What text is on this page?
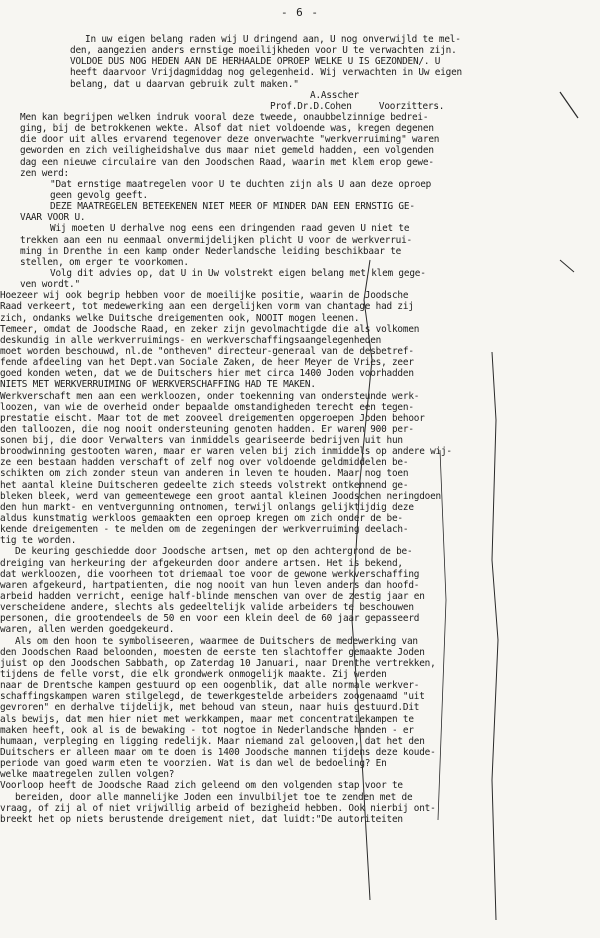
- 6 -
In uw eigen belang raden wij U dringend aan, U nog onverwijld te mel-
den, aangezien anders ernstige moeilijkheden voor U te verwachten zijn.
VOLDOE DUS NOG HEDEN AAN DE HERHAALDE OPROEP WELKE U IS GEZONDEN/. U
heeft daarvoor Vrijdagmiddag nog gelegenheid. Wij verwachten in Uw eigen
belang, dat u daarvan gebruik zult maken."
A.Asscher
Prof.Dr.D.Cohen     Voorzitters.
Men kan begrijpen welken indruk vooral deze tweede, onaubbelzinnige bedrei-
ging, bij de betrokkenen wekte. Alsof dat niet voldoende was, kregen degenen
die door uit alles ervarend tegenover deze onverwachte "werkverruiming" waren
geworden en zich veiligheidshalve dus maar niet gemeld hadden, een volgenden
dag een nieuwe circulaire van den Joodschen Raad, waarin met klem erop gewe-
zen werd:
"Dat ernstige maatregelen voor U te duchten zijn als U aan deze oproep
geen gevolg geeft.
DEZE MAATREGELEN BETEEKENEN NIET MEER OF MINDER DAN EEN ERNSTIG GE-
VAAR VOOR U.
Wij moeten U derhalve nog eens een dringenden raad geven U niet te
trekken aan een nu eenmaal onvermijdelijken plicht U voor de werkverrui-
ming in Drenthe in een kamp onder Nederlandsche leiding beschikbaar te
stellen, om erger te voorkomen.
Volg dit advies op, dat U in Uw volstrekt eigen belang met klem gege-
ven wordt."
Hoezeer wij ook begrip hebben voor de moeilijke positie, waarin de Joodsche
Raad verkeert, tot medewerking aan een dergelijken vorm van chantage had zij
zich, ondanks welke Duitsche dreigementen ook, NOOIT mogen leenen.
Temeer, omdat de Joodsche Raad, en zeker zijn gevolmachtigde die als volkomen
deskundig in alle werkverruimings- en werkverschaffingsaangelegenheden
moet worden beschouwd, nl.de "ontheven" directeur-generaal van de desbetref-
fende afdeeling van het Dept.van Sociale Zaken, de heer Meyer de Vries, zeer
goed konden weten, dat we de Duitschers hier met circa 1400 Joden voorhadden
NIETS MET WERKVERRUIMING OF WERKVERSCHAFFING HAD TE MAKEN.
Werkverschaft men aan een werkloozen, onder toekenning van ondersteunde werk-
loozen, van wie de overheid onder bepaalde omstandigheden terecht een tegen-
prestatie eischt. Maar tot de met zooveel dreigementen opgeroepen Joden behoor
den talloozen, die nog nooit ondersteuning genoten hadden. Er waren 900 per-
sonen bij, die door Verwalters van inmiddels geariseerde bedrijven uit hun
broodwinning gestooten waren, maar er waren velen bij zich inmiddels op andere wij-
ze een bestaan hadden verschaft of zelf nog over voldoende geldmiddelen be-
schikten om zich zonder steun van anderen in leven te houden. Maar nog toen
het aantal kleine Duitscheren gedeelte zich steeds volstrekt ontkennend ge-
bleken bleek, werd van gemeentewege een groot aantal kleinen Joodschen neringdoen
den hun markt- en ventvergunning ontnomen, terwijl onlangs gelijktijdig deze
aldus kunstmatig werkloos gemaakten een oproep kregen om zich onder de be-
kende dreigementen - te melden om de zegeningen der werkverruiming deelach-
tig te worden.
De keuring geschiedde door Joodsche artsen, met op den achtergrond de be-
dreiging van herkeuring der afgekeurden door andere artsen. Het is bekend,
dat werkloozen, die voorheen tot driemaal toe voor de gewone werkverschaffing
waren afgekeurd, hartpatienten, die nog nooit van hun leven anders dan hoofd-
arbeid hadden verricht, eenige half-blinde menschen van over de zestig jaar en
verscheidene andere, slechts als gedeeltelijk valide arbeiders te beschouwen
personen, die grootendeels de 50 en voor een klein deel de 60 jaar gepasseerd
waren, allen werden goedgekeurd.
Als om den hoon te symboliseeren, waarmee de Duitschers de medewerking van
den Joodschen Raad beloonden, moesten de eerste ten slachtoffer gemaakte Joden
juist op den Joodschen Sabbath, op Zaterdag 10 Januari, naar Drenthe vertrekken,
tijdens de felle vorst, die elk grondwerk onmogelijk maakte. Zij werden
naar de Drentsche kampen gestuurd op een oogenblik, dat alle normale werkver-
schaffingskampen waren stilgelegd, de tewerkgestelde arbeiders zoogenaamd "uit
gevroren" en derhalve tijdelijk, met behoud van steun, naar huis gestuurd.Dit
als bewijs, dat men hier niet met werkkampen, maar met concentratiekampen te
maken heeft, ook al is de bewaking - tot nogtoe in Nederlandsche handen - er
humaan, verpleging en ligging redelijk. Maar niemand zal gelooven, dat het den
Duitschers er alleen maar om te doen is 1400 Joodsche mannen tijdens deze koude-
periode van goed warm eten te voorzien. Wat is dan wel de bedoeling? En
welke maatregelen zullen volgen?
Voorloop heeft de Joodsche Raad zich geleend om den volgenden stap voor te
bereiden, door alle mannelijke Joden een invulbiljet toe te zenden met de
vraag, of zij al of niet vrijwillig arbeid of bezigheid hebben. Ook nierbij ont-
breekt het op niets berustende dreigement niet, dat luidt:"De autoriteiten
